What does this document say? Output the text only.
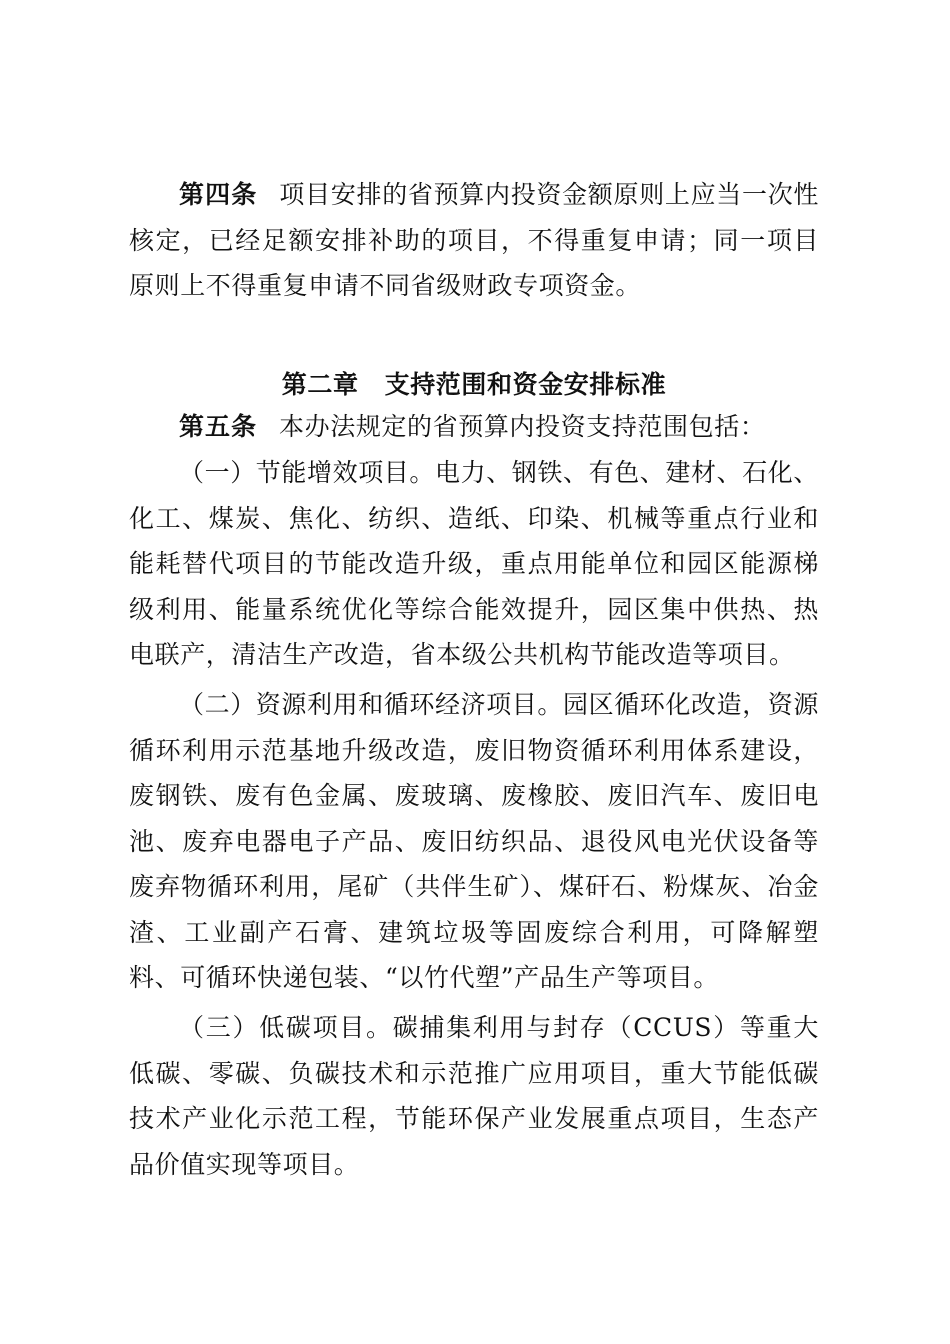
第四条 项目安排的省预算内投资金额原则上应当一次性核定，已经足额安排补助的项目，不得重复申请；同一项目原则上不得重复申请不同省级财政专项资金。

第二章 支持范围和资金安排标准

第五条 本办法规定的省预算内投资支持范围包括：

（一）节能增效项目。电力、钢铁、有色、建材、石化、化工、煤炭、焦化、纺织、造纸、印染、机械等重点行业和能耗替代项目的节能改造升级，重点用能单位和园区能源梯级利用、能量系统优化等综合能效提升，园区集中供热、热电联产，清洁生产改造，省本级公共机构节能改造等项目。

（二）资源利用和循环经济项目。园区循环化改造，资源循环利用示范基地升级改造，废旧物资循环利用体系建设，废钢铁、废有色金属、废玻璃、废橡胶、废旧汽车、废旧电池、废弃电器电子产品、废旧纺织品、退役风电光伏设备等废弃物循环利用，尾矿（共伴生矿）、煤矸石、粉煤灰、冶金渣、工业副产石膏、建筑垃圾等固废综合利用，可降解塑料、可循环快递包装、“以竹代塑”产品生产等项目。

（三）低碳项目。碳捕集利用与封存（CCUS）等重大低碳、零碳、负碳技术和示范推广应用项目，重大节能低碳技术产业化示范工程，节能环保产业发展重点项目，生态产品价值实现等项目。
